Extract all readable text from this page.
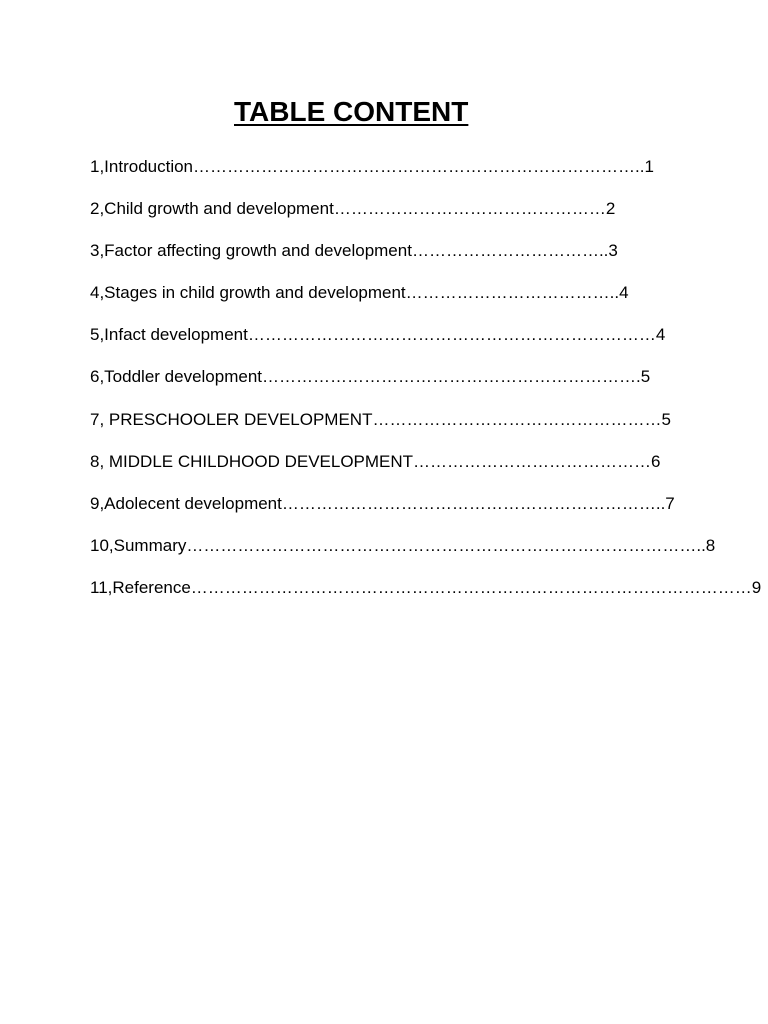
TABLE CONTENT
1,Introduction……………………………………………………………………..1
2,Child growth and development…………………………………………2
3,Factor affecting growth and development……………………………..3
4,Stages in child growth and development………………………………..4
5,Infact development………………………………………………………………4
6,Toddler development………………………………………………………….5
7, PRESCHOOLER DEVELOPMENT……………………………………………5
8, MIDDLE CHILDHOOD DEVELOPMENT……………………………………6
9,Adolecent development…………………………………………………………..7
10,Summary………………………………………………………………………………..8
11,Reference………………………………………………………………………………………9
